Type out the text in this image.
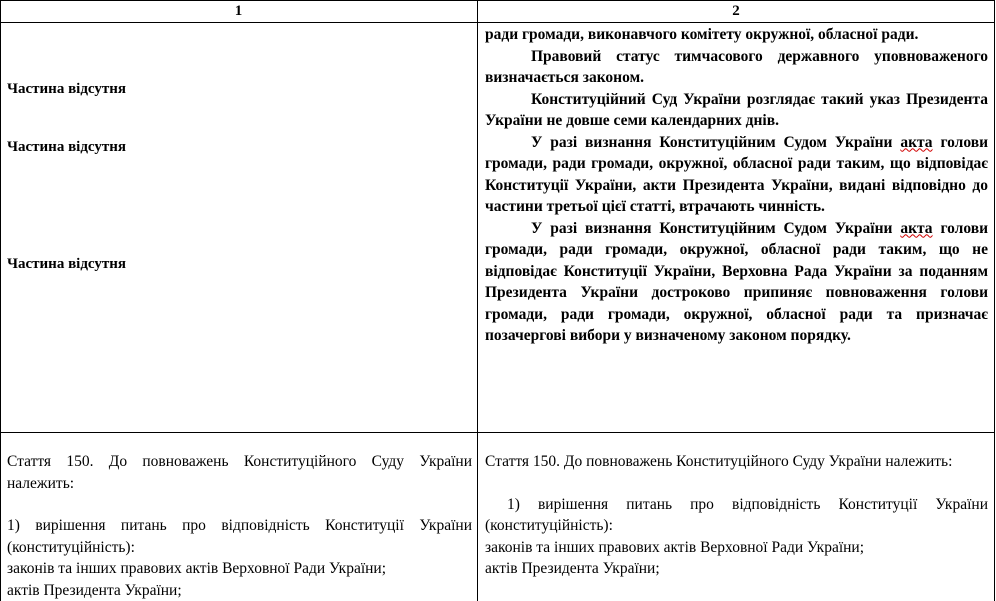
1	2
Частина відсутня
Частина відсутня
Частина відсутня

ради громади, виконавчого комітету окружної, обласної ради.

Правовий статус тимчасового державного уповноваженого визначається законом.

Конституційний Суд України розглядає такий указ Президента України не довше семи календарних днів.

У разі визнання Конституційним Судом України акта голови громади, ради громади, окружної, обласної ради таким, що відповідає Конституції України, акти Президента України, видані відповідно до частини третьої цієї статті, втрачають чинність.

У разі визнання Конституційним Судом України акта голови громади, ради громади, окружної, обласної ради таким, що не відповідає Конституції України, Верховна Рада України за поданням Президента України достроково припиняє повноваження голови громади, ради громади, окружної, обласної ради та призначає позачергові вибори у визначеному законом порядку.

Стаття 150. До повноважень Конституційного Суду України належить:

1) вирішення питань про відповідність Конституції України (конституційність):

законів та інших правових актів Верховної Ради України;

актів Президента України;

Стаття 150. До повноважень Конституційного Суду України належить:

1) вирішення питань про відповідність Конституції України (конституційність):

законів та інших правових актів Верховної Ради України;

актів Президента України;
